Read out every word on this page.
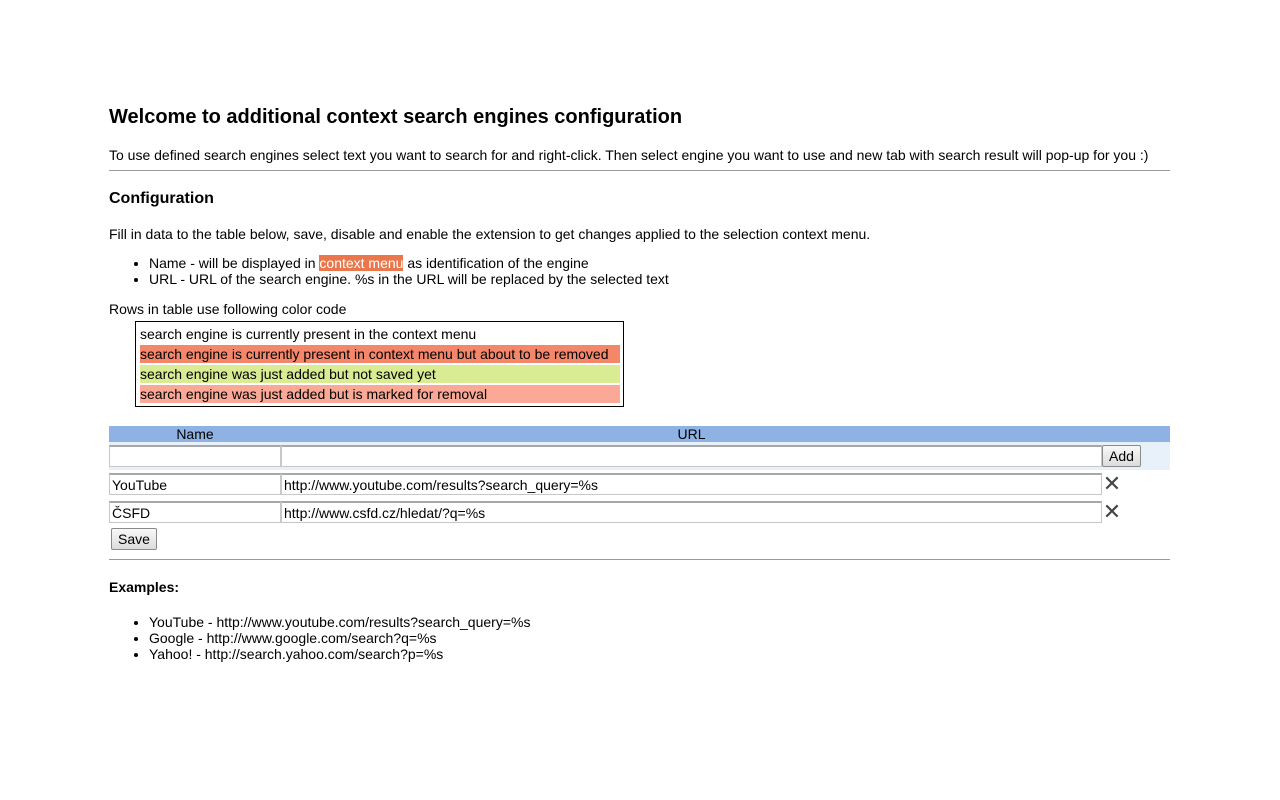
Welcome to additional context search engines configuration

To use defined search engines select text you want to search for and right-click. Then select engine you want to use and new tab with search result will pop-up for you :)

Configuration

Fill in data to the table below, save, disable and enable the extension to get changes applied to the selection context menu.

• Name - will be displayed in context menu as identification of the engine
• URL - URL of the search engine. %s in the URL will be replaced by the selected text
Rows in table use following color code
search engine is currently present in the context menu
search engine is currently present in context menu but about to be removed
search engine was just added but not saved yet
search engine was just added but is marked for removal
Name	URL	
		Add
YouTube	http://www.youtube.com/results?search_query=%s	✕
ČSFD	http://www.csfd.cz/hledat/?q=%s	✕
Save
Examples:
• YouTube - http://www.youtube.com/results?search_query=%s
• Google - http://www.google.com/search?q=%s
• Yahoo! - http://search.yahoo.com/search?p=%s
